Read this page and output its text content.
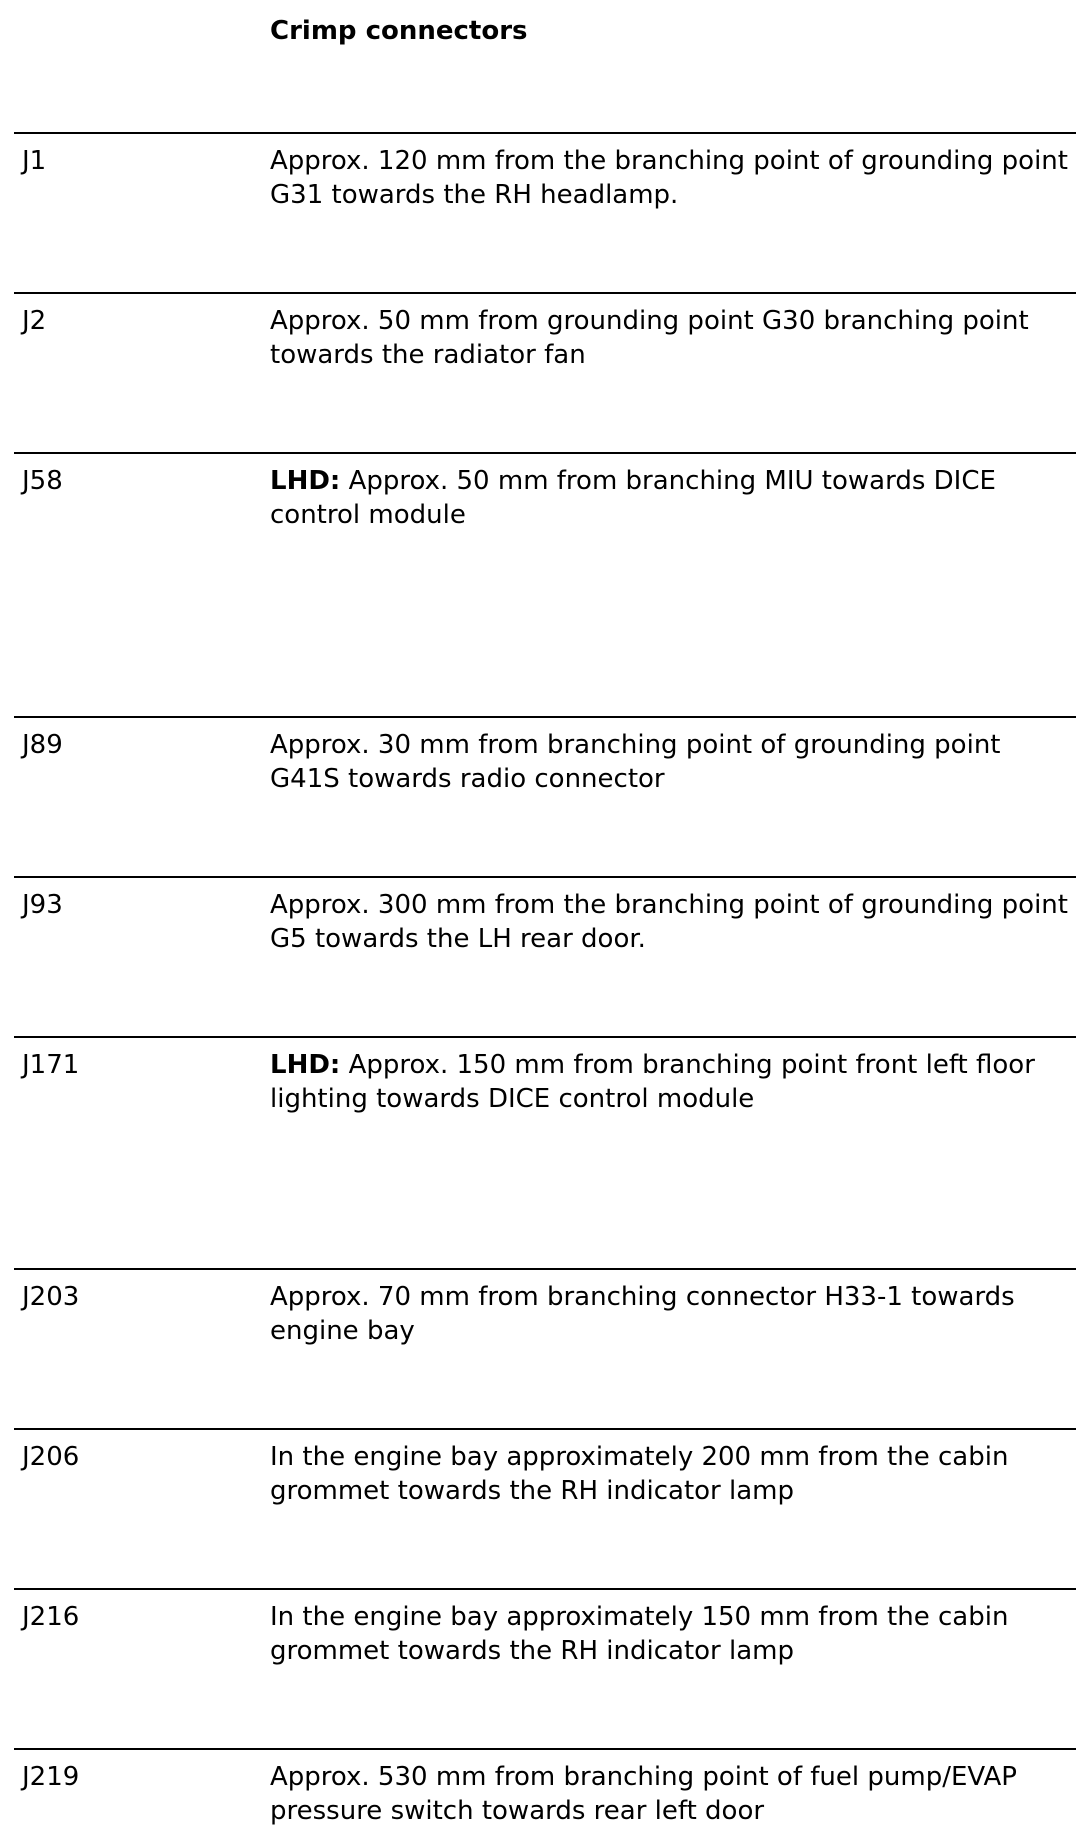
Crimp connectors
J1	Approx. 120 mm from the branching point of grounding point G31 towards the RH headlamp.
J2	Approx. 50 mm from grounding point G30 branching point towards the radiator fan
J58	LHD: Approx. 50 mm from branching MIU towards DICE control module
J89	Approx. 30 mm from branching point of grounding point G41S towards radio connector
J93	Approx. 300 mm from the branching point of grounding point G5 towards the LH rear door.
J171	LHD: Approx. 150 mm from branching point front left floor lighting towards DICE control module
J203	Approx. 70 mm from branching connector H33-1 towards engine bay
J206	In the engine bay approximately 200 mm from the cabin grommet towards the RH indicator lamp
J216	In the engine bay approximately 150 mm from the cabin grommet towards the RH indicator lamp
J219	Approx. 530 mm from branching point of fuel pump/EVAP pressure switch towards rear left door
